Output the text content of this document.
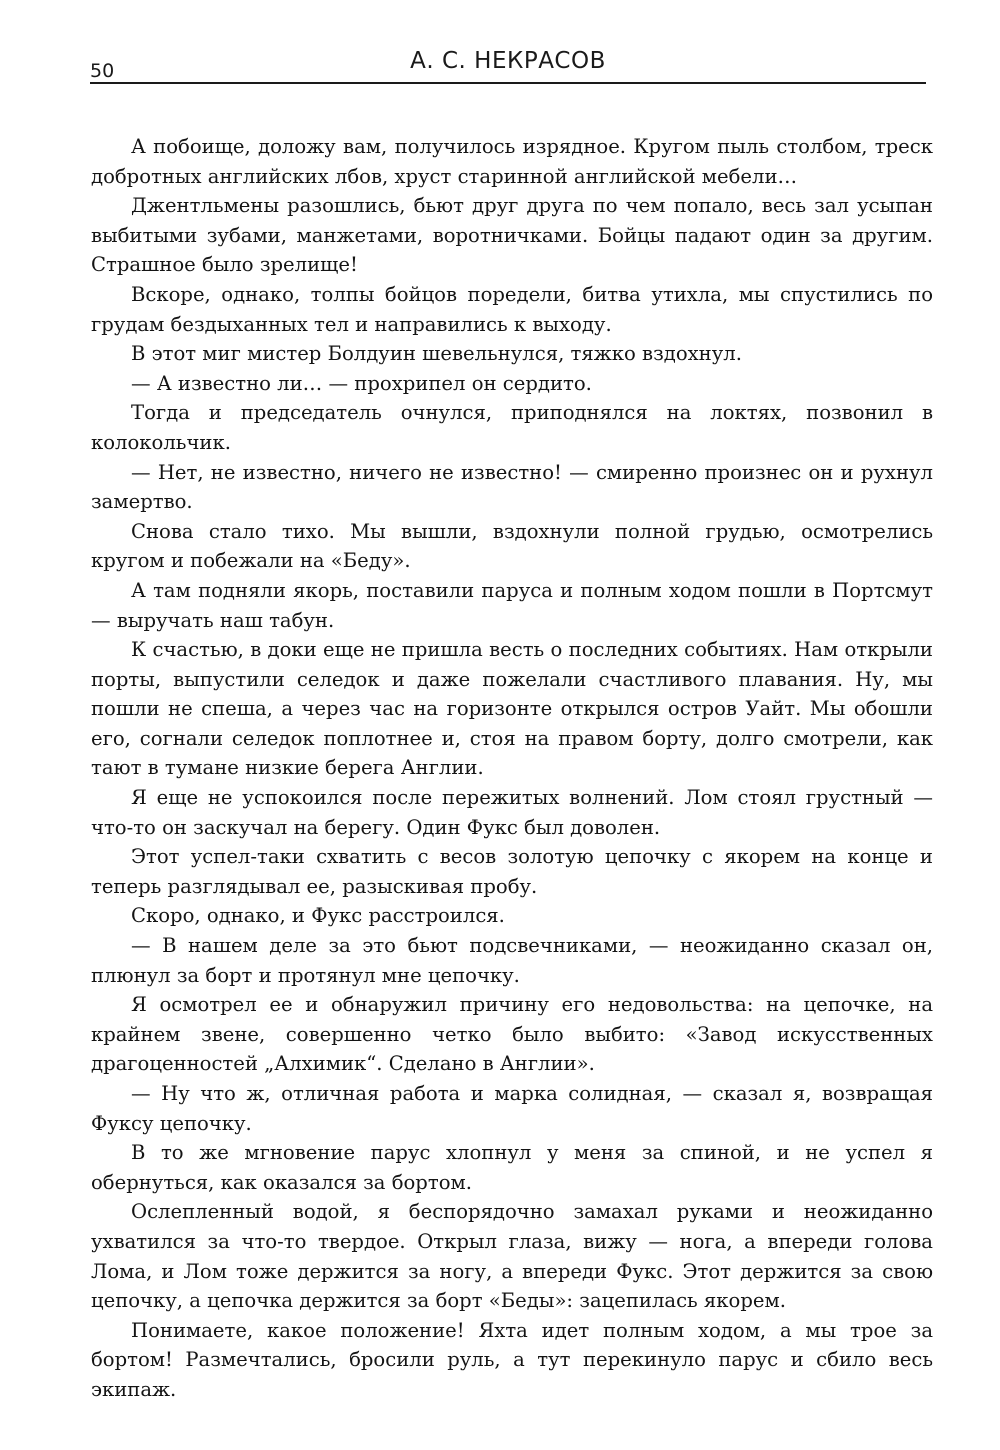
50	А. С. НЕКРАСОВ

А побоище, доложу вам, получилось изрядное. Кругом пыль столбом, треск добротных английских лбов, хруст старинной английской мебели…

Джентльмены разошлись, бьют друг друга по чем попало, весь зал усыпан выбитыми зубами, манжетами, воротничками. Бойцы падают один за другим. Страшное было зрелище!

Вскоре, однако, толпы бойцов поредели, битва утихла, мы спустились по грудам бездыханных тел и направились к выходу.

В этот миг мистер Болдуин шевельнулся, тяжко вздохнул.

— А известно ли… — прохрипел он сердито.

Тогда и председатель очнулся, приподнялся на локтях, позвонил в колокольчик.

— Нет, не известно, ничего не известно! — смиренно произнес он и рухнул замертво.

Снова стало тихо. Мы вышли, вздохнули полной грудью, осмотрелись кругом и побежали на «Беду».

А там подняли якорь, поставили паруса и полным ходом пошли в Портсмут — выручать наш табун.

К счастью, в доки еще не пришла весть о последних событиях. Нам открыли порты, выпустили селедок и даже пожелали счастливого плавания. Ну, мы пошли не спеша, а через час на горизонте открылся остров Уайт. Мы обошли его, согнали селедок поплотнее и, стоя на правом борту, долго смотрели, как тают в тумане низкие берега Англии.

Я еще не успокоился после пережитых волнений. Лом стоял грустный — что-то он заскучал на берегу. Один Фукс был доволен.

Этот успел-таки схватить с весов золотую цепочку с якорем на конце и теперь разглядывал ее, разыскивая пробу.

Скоро, однако, и Фукс расстроился.

— В нашем деле за это бьют подсвечниками, — неожиданно сказал он, плюнул за борт и протянул мне цепочку.

Я осмотрел ее и обнаружил причину его недовольства: на цепочке, на крайнем звене, совершенно четко было выбито: «Завод искусственных драгоценностей „Алхимик“. Сделано в Англии».

— Ну что ж, отличная работа и марка солидная, — сказал я, возвращая Фуксу цепочку.

В то же мгновение парус хлопнул у меня за спиной, и не успел я обернуться, как оказался за бортом.

Ослепленный водой, я беспорядочно замахал руками и неожиданно ухватился за что-то твердое. Открыл глаза, вижу — нога, а впереди голова Лома, и Лом тоже держится за ногу, а впереди Фукс. Этот держится за свою цепочку, а цепочка держится за борт «Беды»: зацепилась якорем.

Понимаете, какое положение! Яхта идет полным ходом, а мы трое за бортом! Размечтались, бросили руль, а тут перекинуло парус и сбило весь экипаж.
